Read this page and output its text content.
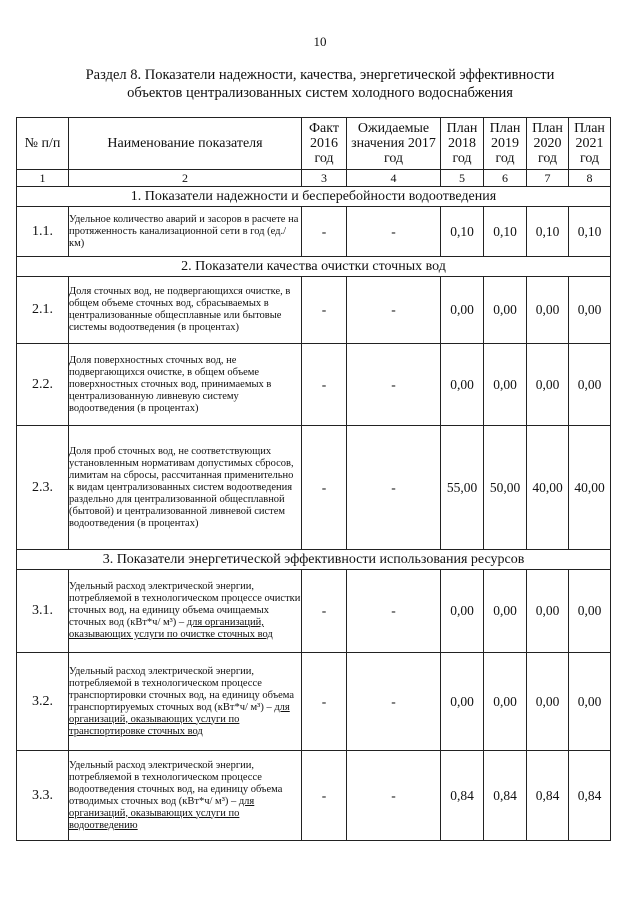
10
Раздел 8. Показатели надежности, качества, энергетической эффективности
объектов централизованных систем холодного водоснабжения
№ п/п	Наименование показателя	Факт 2016 год	Ожидаемые значения 2017 год	План 2018 год	План 2019 год	План 2020 год	План 2021 год
1	2	3	4	5	6	7	8
1. Показатели надежности и бесперебойности водоотведения							
1.1.	Удельное количество аварий и засоров в расчете на протяженность канализационной сети в год (ед./км)	-	-	0,10	0,10	0,10	0,10
2. Показатели качества очистки сточных вод							
2.1.	Доля сточных вод, не подвергающихся очистке, в общем объеме сточных вод, сбрасываемых в централизованные общесплавные или бытовые системы водоотведения (в процентах)	-	-	0,00	0,00	0,00	0,00
2.2.	Доля поверхностных сточных вод, не подвергающихся очистке, в общем объеме поверхностных сточных вод, принимаемых в централизованную ливневую систему водоотведения (в процентах)	-	-	0,00	0,00	0,00	0,00
2.3.	Доля проб сточных вод, не соответствующих установленным нормативам допустимых сбросов, лимитам на сбросы, рассчитанная применительно к видам централизованных систем водоотведения раздельно для централизованной общесплавной (бытовой) и централизованной ливневой систем водоотведения (в процентах)	-	-	55,00	50,00	40,00	40,00
3. Показатели энергетической эффективности использования ресурсов							
3.1.	Удельный расход электрической энергии, потребляемой в технологическом процессе очистки сточных вод, на единицу объема очищаемых сточных вод (кВт*ч/ м³) – для организаций, оказывающих услуги по очистке сточных вод	-	-	0,00	0,00	0,00	0,00
3.2.	Удельный расход электрической энергии, потребляемой в технологическом процессе транспортировки сточных вод, на единицу объема транспортируемых сточных вод (кВт*ч/ м³) – для организаций, оказывающих услуги по транспортировке сточных вод	-	-	0,00	0,00	0,00	0,00
3.3.	Удельный расход электрической энергии, потребляемой в технологическом процессе водоотведения сточных вод, на единицу объема отводимых сточных вод (кВт*ч/ м³) – для организаций, оказывающих услуги по водоотведению	-	-	0,84	0,84	0,84	0,84
